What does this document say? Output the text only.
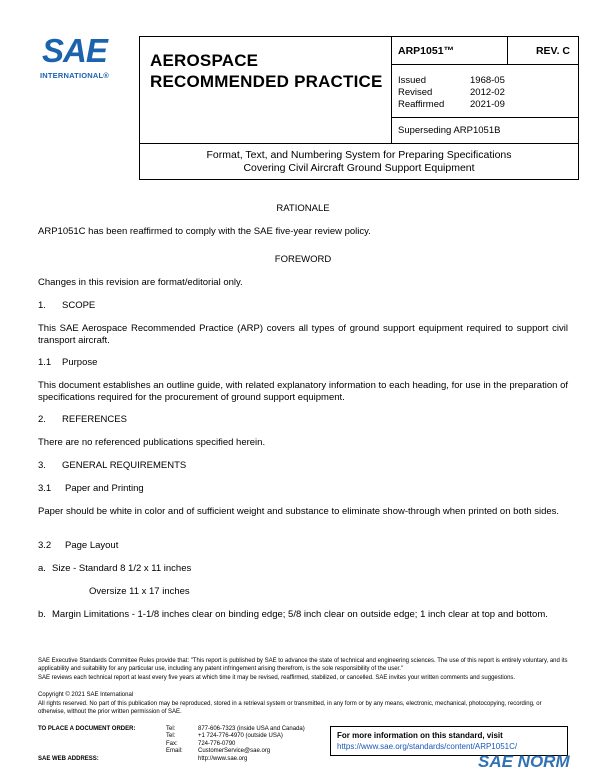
SAE
INTERNATIONAL®
AEROSPACE
RECOMMENDED PRACTICE
ARP1051™	REV. C
Issued	1968-05
Revised	2012-02
Reaffirmed	2021-09
Superseding ARP1051B
Format, Text, and Numbering System for Preparing Specifications
Covering Civil Aircraft Ground Support Equipment
RATIONALE
ARP1051C has been reaffirmed to comply with the SAE five-year review policy.
FOREWORD
Changes in this revision are format/editorial only.
1. SCOPE
This SAE Aerospace Recommended Practice (ARP) covers all types of ground support equipment required to support civil transport aircraft.
1.1 Purpose
This document establishes an outline guide, with related explanatory information to each heading, for use in the preparation of specifications required for the procurement of ground support equipment.
2. REFERENCES
There are no referenced publications specified herein.
3. GENERAL REQUIREMENTS
3.1 Paper and Printing
Paper should be white in color and of sufficient weight and substance to eliminate show-through when printed on both sides.
3.2 Page Layout
a. Size - Standard 8 1/2 x 11 inches
Oversize 11 x 17 inches
b. Margin Limitations - 1-1/8 inches clear on binding edge; 5/8 inch clear on outside edge; 1 inch clear at top and bottom.
SAE Executive Standards Committee Rules provide that: "This report is published by SAE to advance the state of technical and engineering sciences. The use of this report is entirely voluntary, and its applicability and suitability for any particular use, including any patent infringement arising therefrom, is the sole responsibility of the user."
SAE reviews each technical report at least every five years at which time it may be revised, reaffirmed, stabilized, or cancelled. SAE invites your written comments and suggestions.
Copyright © 2021 SAE International
All rights reserved. No part of this publication may be reproduced, stored in a retrieval system or transmitted, in any form or by any means, electronic, mechanical, photocopying, recording, or otherwise, without the prior written permission of SAE.
TO PLACE A DOCUMENT ORDER:	Tel:	877-606-7323 (inside USA and Canada)
Tel:	+1 724-776-4970 (outside USA)
Fax:	724-776-0790
Email:	CustomerService@sae.org
SAE WEB ADDRESS:	http://www.sae.org
For more information on this standard, visit
https://www.sae.org/standards/content/ARP1051C/
SAE NORM
